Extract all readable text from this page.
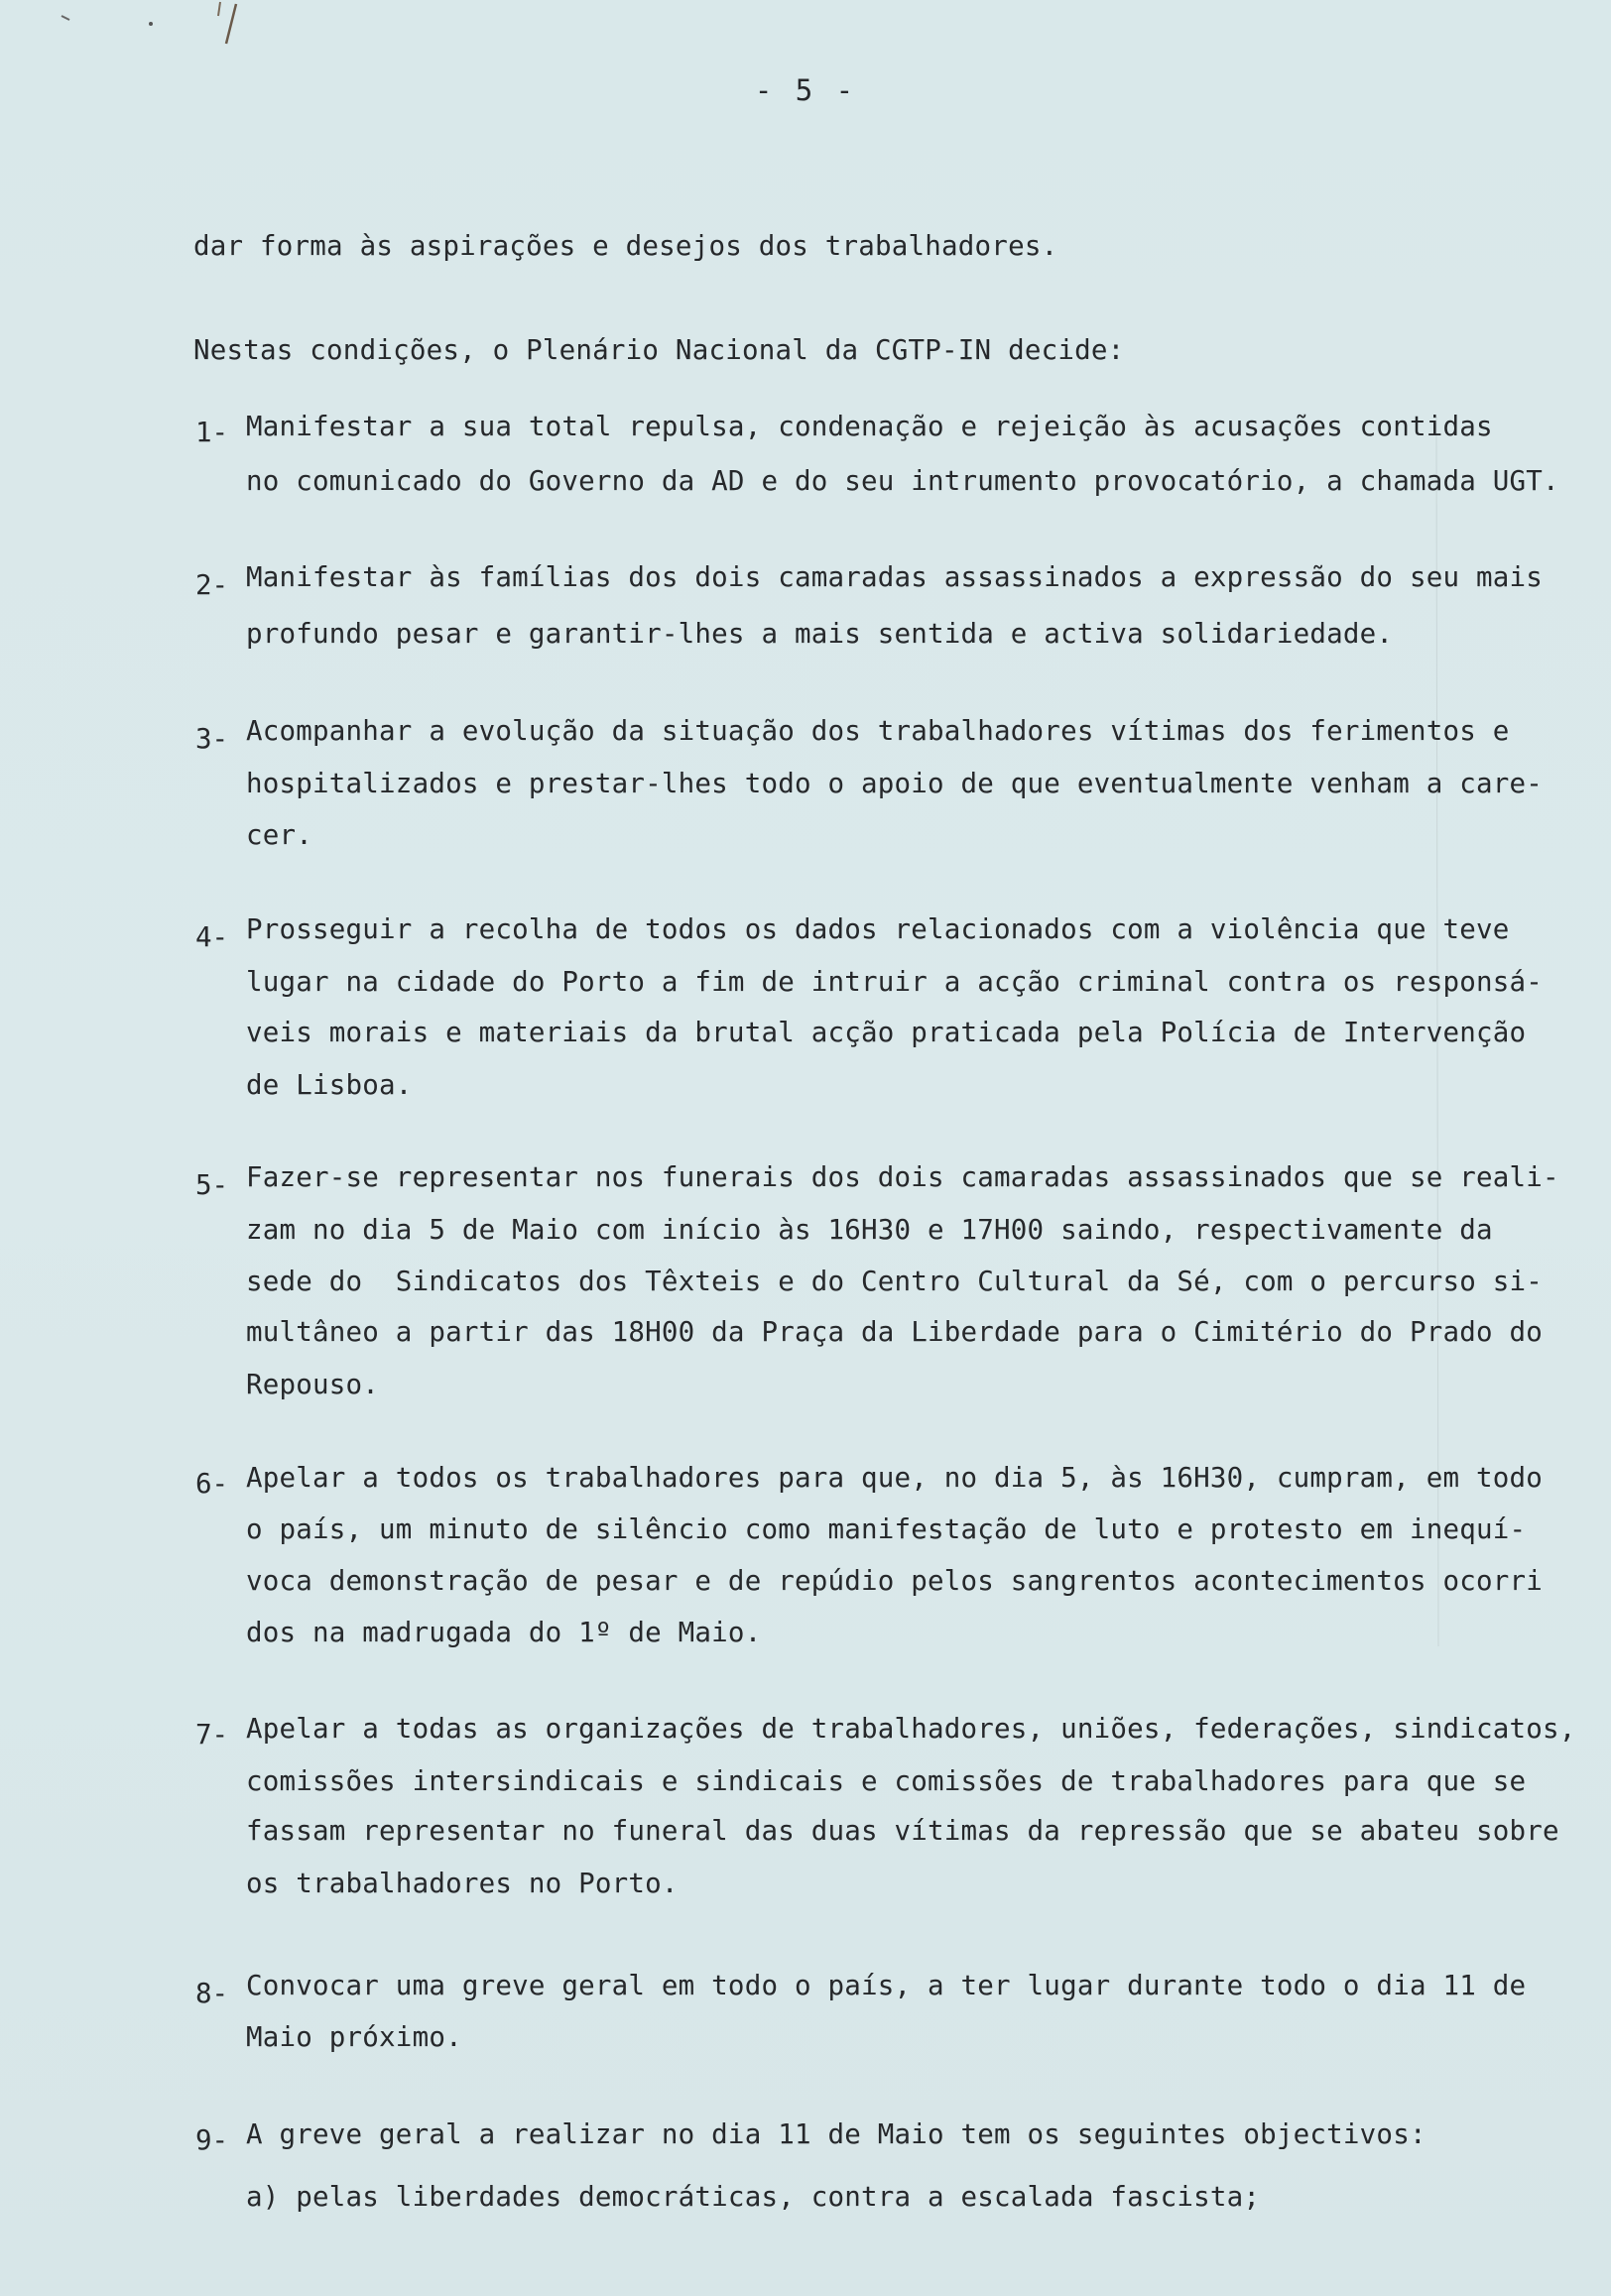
- 5 -
dar forma às aspirações e desejos dos trabalhadores.
Nestas condições, o Plenário Nacional da CGTP-IN decide:
1- Manifestar a sua total repulsa, condenação e rejeição às acusações contidas
no comunicado do Governo da AD e do seu intrumento provocatório, a chamada UGT.
2- Manifestar às famílias dos dois camaradas assassinados a expressão do seu mais
profundo pesar e garantir-lhes a mais sentida e activa solidariedade.
3- Acompanhar a evolução da situação dos trabalhadores vítimas dos ferimentos e
hospitalizados e prestar-lhes todo o apoio de que eventualmente venham a care-
cer.
4- Prosseguir a recolha de todos os dados relacionados com a violência que teve
lugar na cidade do Porto a fim de intruir a acção criminal contra os responsá-
veis morais e materiais da brutal acção praticada pela Polícia de Intervenção
de Lisboa.
5- Fazer-se representar nos funerais dos dois camaradas assassinados que se reali-
zam no dia 5 de Maio com início às 16H30 e 17H00 saindo, respectivamente da
sede do  Sindicatos dos Têxteis e do Centro Cultural da Sé, com o percurso si-
multâneo a partir das 18H00 da Praça da Liberdade para o Cimitério do Prado do
Repouso.
6- Apelar a todos os trabalhadores para que, no dia 5, às 16H30, cumpram, em todo
o país, um minuto de silêncio como manifestação de luto e protesto em inequí-
voca demonstração de pesar e de repúdio pelos sangrentos acontecimentos ocorri
dos na madrugada do 1º de Maio.
7- Apelar a todas as organizações de trabalhadores, uniões, federações, sindicatos,
comissões intersindicais e sindicais e comissões de trabalhadores para que se
fassam representar no funeral das duas vítimas da repressão que se abateu sobre
os trabalhadores no Porto.
8- Convocar uma greve geral em todo o país, a ter lugar durante todo o dia 11 de
Maio próximo.
9- A greve geral a realizar no dia 11 de Maio tem os seguintes objectivos:
a) pelas liberdades democráticas, contra a escalada fascista;
